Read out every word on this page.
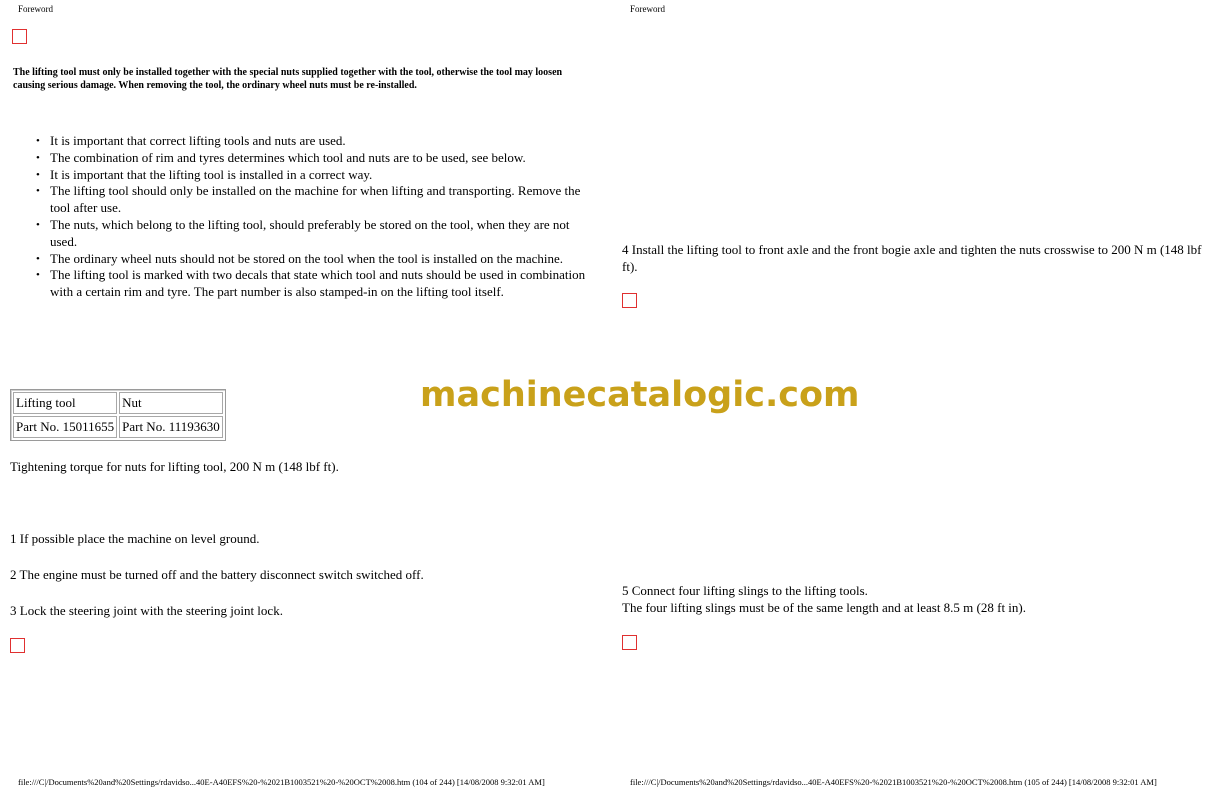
Foreword
The lifting tool must only be installed together with the special nuts supplied together with the tool, otherwise the tool may loosen causing serious damage. When removing the tool, the ordinary wheel nuts must be re-installed.
• It is important that correct lifting tools and nuts are used.
• The combination of rim and tyres determines which tool and nuts are to be used, see below.
• It is important that the lifting tool is installed in a correct way.
• The lifting tool should only be installed on the machine for when lifting and transporting. Remove the tool after use.
• The nuts, which belong to the lifting tool, should preferably be stored on the tool, when they are not used.
• The ordinary wheel nuts should not be stored on the tool when the tool is installed on the machine.
• The lifting tool is marked with two decals that state which tool and nuts should be used in combination with a certain rim and tyre. The part number is also stamped-in on the lifting tool itself.
Lifting tool	Nut
Part No. 15011655	Part No. 11193630
Tightening torque for nuts for lifting tool, 200 N m (148 lbf ft).
1 If possible place the machine on level ground.
2 The engine must be turned off and the battery disconnect switch switched off.
3 Lock the steering joint with the steering joint lock.
file:///C|/Documents%20and%20Settings/rdavidso...40E-A40EFS%20-%2021B1003521%20-%20OCT%2008.htm (104 of 244) [14/08/2008 9:32:01 AM]
Foreword
4 Install the lifting tool to front axle and the front bogie axle and tighten the nuts crosswise to 200 N m (148 lbf ft).
5 Connect four lifting slings to the lifting tools.
The four lifting slings must be of the same length and at least 8.5 m (28 ft in).
file:///C|/Documents%20and%20Settings/rdavidso...40E-A40EFS%20-%2021B1003521%20-%20OCT%2008.htm (105 of 244) [14/08/2008 9:32:01 AM]
machinecatalogic.com
